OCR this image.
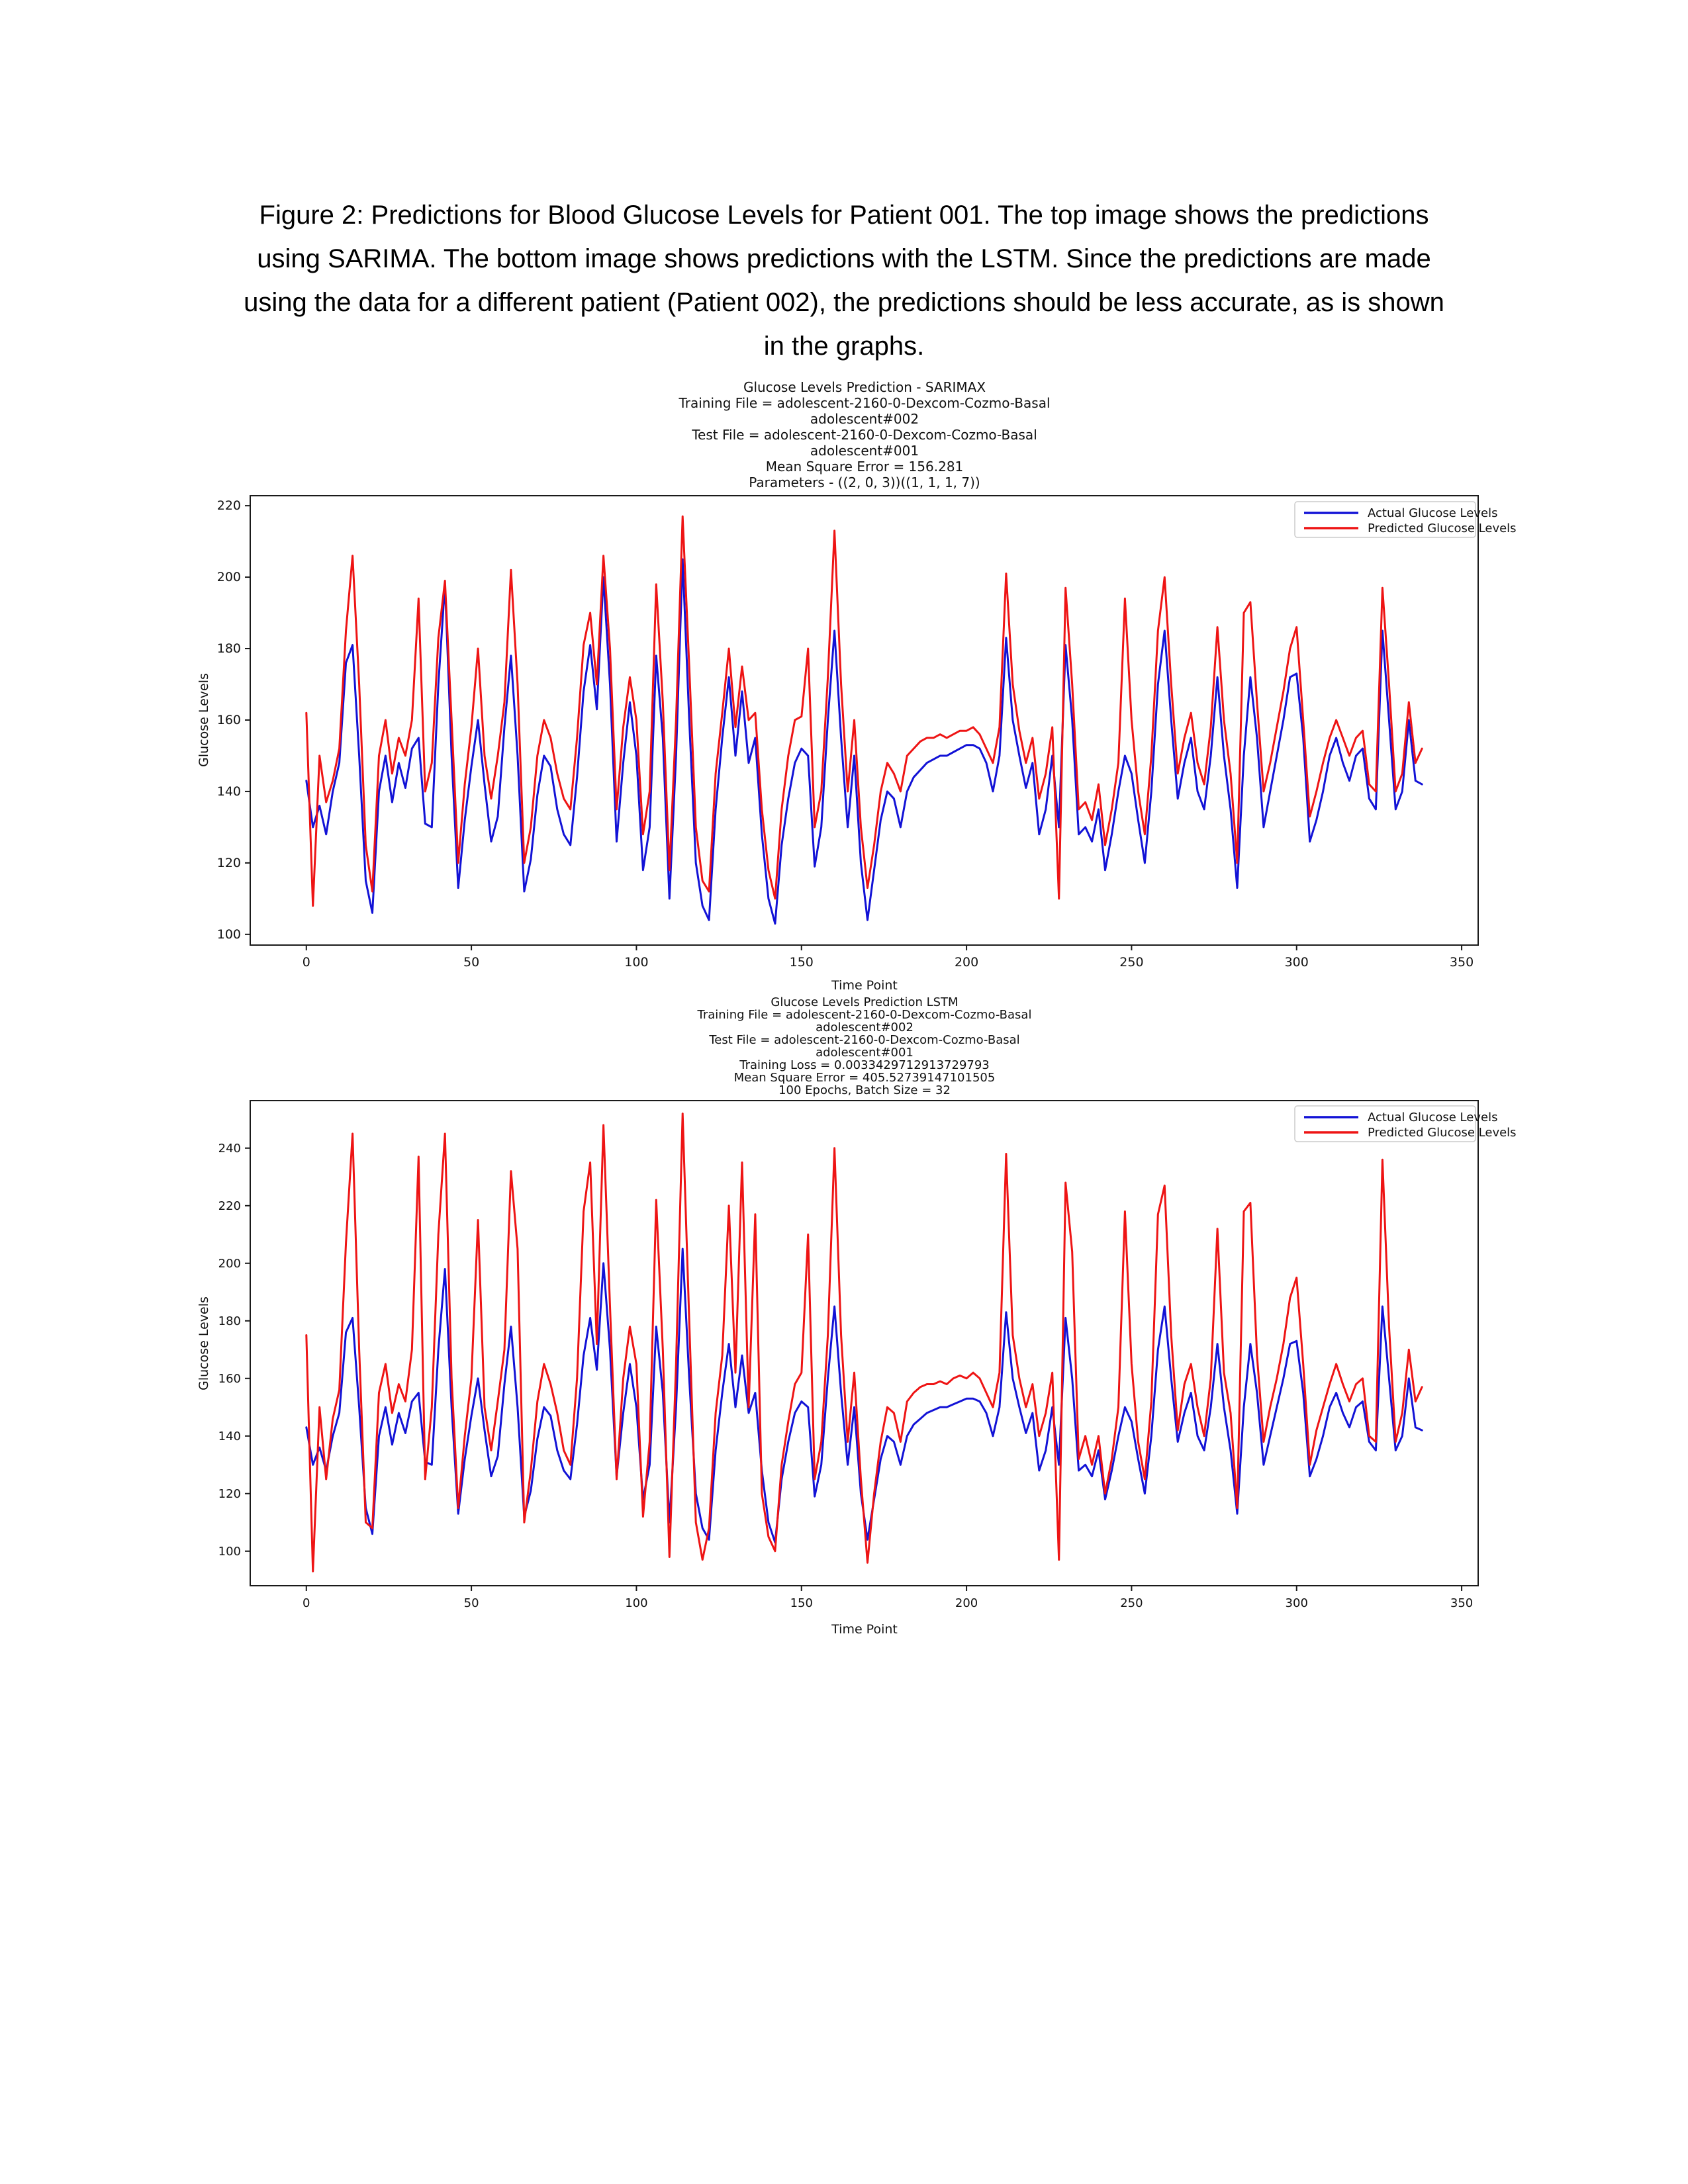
Figure 2: Predictions for Blood Glucose Levels for Patient 001. The top image shows the predictions
using SARIMA. The bottom image shows predictions with the LSTM. Since the predictions are made
using the data for a different patient (Patient 002), the predictions should be less accurate, as is shown
in the graphs.
Glucose Levels Prediction - SARIMAX
Training File = adolescent-2160-0-Dexcom-Cozmo-Basal
adolescent#002
Test File = adolescent-2160-0-Dexcom-Cozmo-Basal
adolescent#001
Mean Square Error = 156.281
Parameters - ((2, 0, 3))((1, 1, 1, 7))
Time Point
Glucose Levels
Actual Glucose Levels
Predicted Glucose Levels
0	50	100	150	200	250	300	350
100
120
140
160
180
200
220
Glucose Levels Prediction LSTM
Training File = adolescent-2160-0-Dexcom-Cozmo-Basal
adolescent#002
Test File = adolescent-2160-0-Dexcom-Cozmo-Basal
adolescent#001
Training Loss = 0.0033429712913729793
Mean Square Error = 405.52739147101505
100 Epochs, Batch Size = 32
Time Point
Glucose Levels
Actual Glucose Levels
Predicted Glucose Levels
0	50	100	150	200	250	300	350
100
120
140
160
180
200
220
240
